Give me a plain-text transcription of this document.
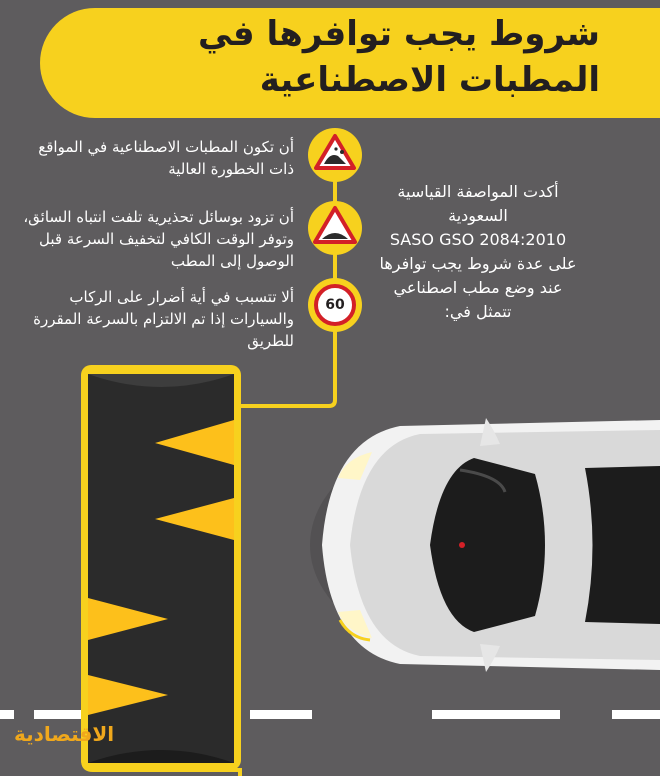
شروط يجب توافرها في
المطبات الاصطناعية
60
أن تكون المطبات الاصطناعية في المواقع ذات الخطورة العالية
أن تزود بوسائل تحذيرية تلفت انتباه السائق، وتوفر الوقت الكافي لتخفيف السرعة قبل الوصول إلى المطب
ألا تتسبب في أية أضرار على الركاب والسيارات إذا تم الالتزام بالسرعة المقررة للطريق
أكدت المواصفة القياسية
السعودية
SASO GSO 2084:2010
على عدة شروط يجب توافرها
عند وضع مطب اصطناعي
تتمثل في:
الاقتصادية
